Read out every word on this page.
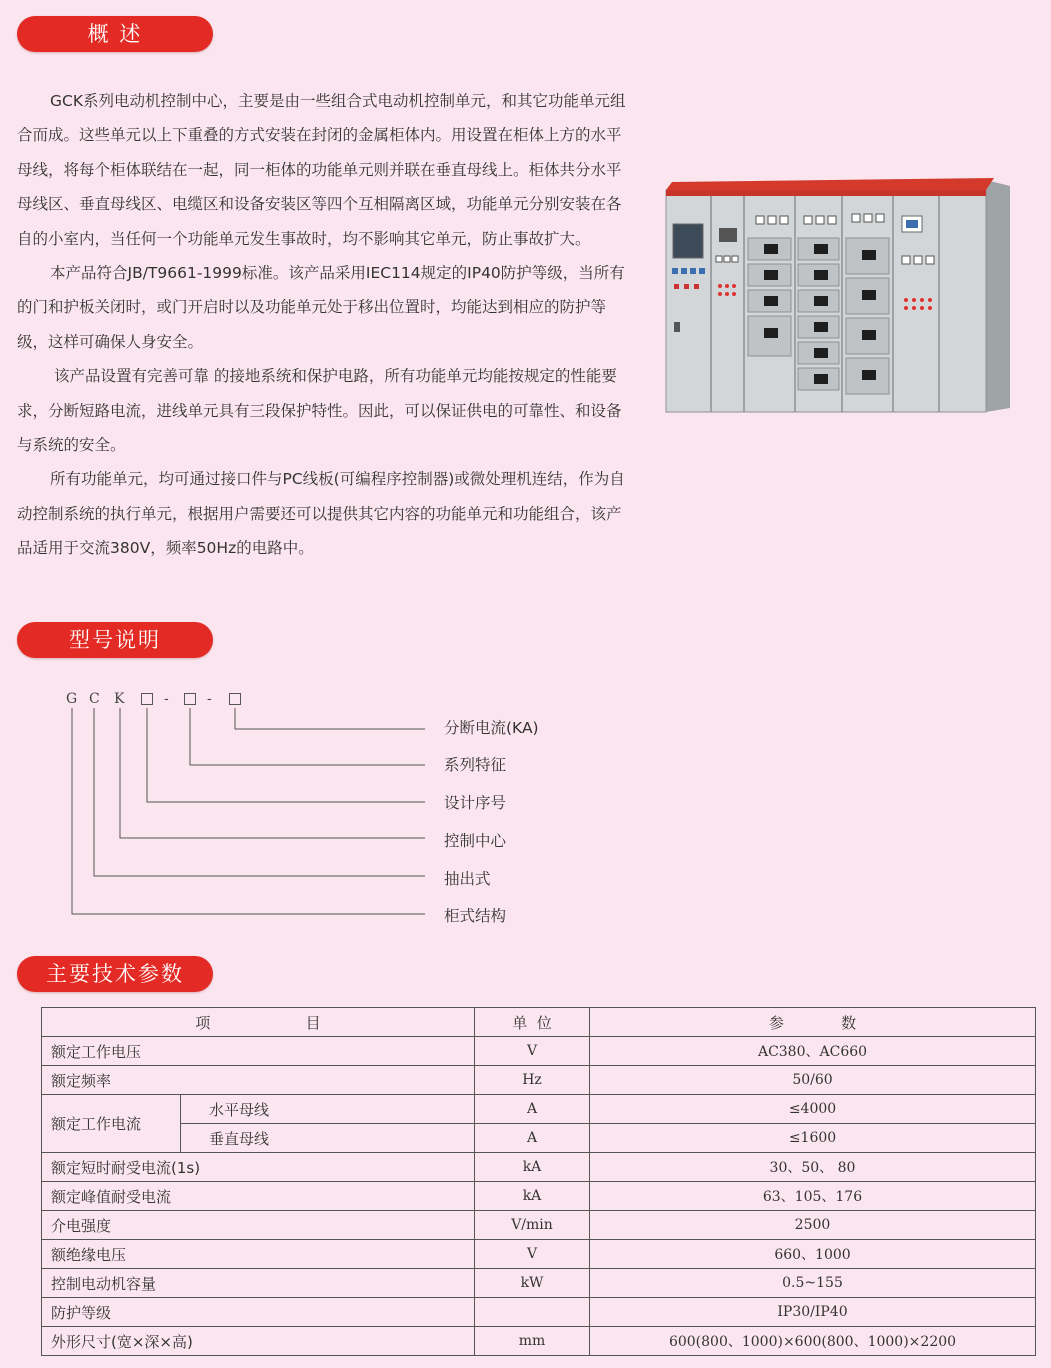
概 述

GCK系列电动机控制中心，主要是由一些组合式电动机控制单元，和其它功能单元组合而成。这些单元以上下重叠的方式安装在封闭的金属柜体内。用设置在柜体上方的水平母线，将每个柜体联结在一起，同一柜体的功能单元则并联在垂直母线上。柜体共分水平母线区、垂直母线区、电缆区和设备安装区等四个互相隔离区域，功能单元分别安装在各自的小室内，当任何一个功能单元发生事故时，均不影响其它单元，防止事故扩大。

本产品符合JB/T9661-1999标准。该产品采用IEC114规定的IP40防护等级，当所有的门和护板关闭时，或门开启时以及功能单元处于移出位置时，均能达到相应的防护等级，这样可确保人身安全。

该产品设置有完善可靠 的接地系统和保护电路，所有功能单元均能按规定的性能要求，分断短路电流，进线单元具有三段保护特性。因此，可以保证供电的可靠性、和设备与系统的安全。

所有功能单元，均可通过接口件与PC线板(可编程序控制器)或微处理机连结，作为自动控制系统的执行单元，根据用户需要还可以提供其它内容的功能单元和功能组合，该产品适用于交流380V，频率50Hz的电路中。

型号说明
G C K	-	-
分断电流(KA)
系列特征
设计序号
控制中心
抽出式
柜式结构
主要技术参数
项                    目		单  位	参            数
额定工作电压		V	AC380、AC660
额定频率		Hz	50/60
额定工作电流	水平母线	A	≤4000
	垂直母线	A	≤1600
额定短时耐受电流(1s)		kA	30、50、 80
额定峰值耐受电流		kA	63、105、176
介电强度		V/min	2500
额绝缘电压		V	660、1000
控制电动机容量		kW	0.5~155
防护等级			IP30/IP40
外形尺寸(宽×深×高)		mm	600(800、1000)×600(800、1000)×2200
